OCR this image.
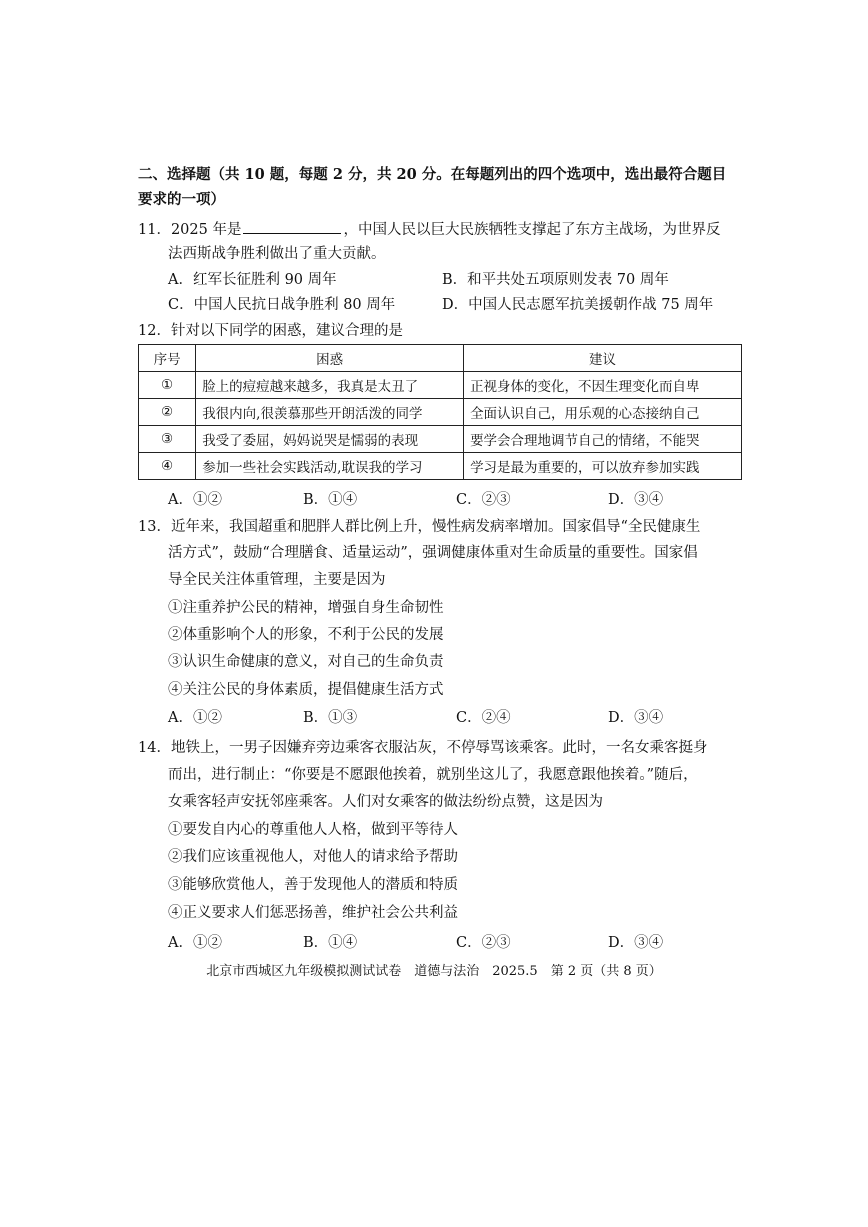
二、选择题（共 10 题，每题 2 分，共 20 分。在每题列出的四个选项中，选出最符合题目
要求的一项）
11．2025 年是	，中国人民以巨大民族牺牲支撑起了东方主战场，为世界反
法西斯战争胜利做出了重大贡献。
A．红军长征胜利 90 周年	B．和平共处五项原则发表 70 周年
C．中国人民抗日战争胜利 80 周年	D．中国人民志愿军抗美援朝作战 75 周年
12．针对以下同学的困惑，建议合理的是
序号	困惑	建议
①	脸上的痘痘越来越多，我真是太丑了	正视身体的变化，不因生理变化而自卑
②	我很内向,很羡慕那些开朗活泼的同学	全面认识自己，用乐观的心态接纳自己
③	我受了委屈，妈妈说哭是懦弱的表现	要学会合理地调节自己的情绪，不能哭
④	参加一些社会实践活动,耽误我的学习	学习是最为重要的，可以放弃参加实践
A．①②	B．①④	C．②③	D．③④
13．近年来，我国超重和肥胖人群比例上升，慢性病发病率增加。国家倡导“全民健康生
活方式”，鼓励“合理膳食、适量运动”，强调健康体重对生命质量的重要性。国家倡
导全民关注体重管理，主要是因为
①注重养护公民的精神，增强自身生命韧性
②体重影响个人的形象，不利于公民的发展
③认识生命健康的意义，对自己的生命负责
④关注公民的身体素质，提倡健康生活方式
A．①②	B．①③	C．②④	D．③④
14．地铁上，一男子因嫌弃旁边乘客衣服沾灰，不停辱骂该乘客。此时，一名女乘客挺身
而出，进行制止：“你要是不愿跟他挨着，就别坐这儿了，我愿意跟他挨着。”随后，
女乘客轻声安抚邻座乘客。人们对女乘客的做法纷纷点赞，这是因为
①要发自内心的尊重他人人格，做到平等待人
②我们应该重视他人，对他人的请求给予帮助
③能够欣赏他人，善于发现他人的潜质和特质
④正义要求人们惩恶扬善，维护社会公共利益
A．①②	B．①④	C．②③	D．③④
北京市西城区九年级模拟测试试卷　道德与法治　2025.5　第 2 页（共 8 页）
